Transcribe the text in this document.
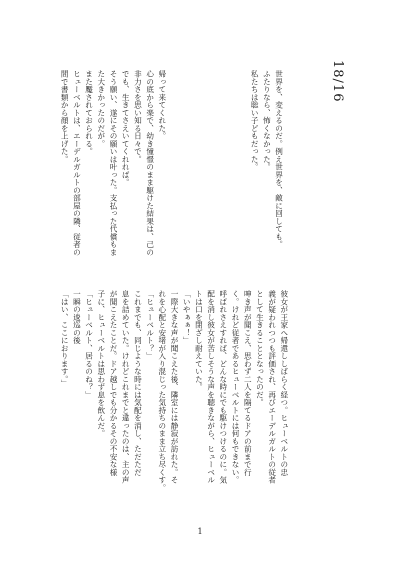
18/16
世界を、変えるのだ。例え世界を、敵に回しても。
ふたりなら、怖くなかった。
私たちは聡い子どもだった。
帰って来てくれた。
心の底から楽で、幼き憧憬のまま駆けた結果は、己の
非力さを思い知る日々で。
でも、生きてさえいてくれれば。
そう願い、遂にその願いは叶った。支払った代償もま
た大きかったのだが。
また魘されておられる。
ヒューベルトは、エーデルガルトの部屋の隣、従者の
間で書類から顔を上げた。
彼女が王家へ帰還ししばらく経つ。ヒューベルトの忠
義が疑われつつも評価され、再びエーデルガルトの従者
として生きることとなったのだ。
呻き声が聞こえ、思わず二人を隔てるドアの前まで行
く。けれど従者であるヒューベルトには何もできない。
呼ばれさえすれば、どんな時にでも駆けつけるのに。気
配を消し彼女が苦しそうな声を聴きながら、ヒューベル
トは口を閉ざし耐えていた。
「いやぁぁ！」
一際大きな声が聞こえた後、隣室には静寂が訪れた。そ
れを心配と安堵が入り混じった気持ちのまま立ち尽くす。
「ヒューベルト？」
これまでも、同じような時には気配を消し、ただただ
息を詰めていた。けれどこれまでと違ったのは、主の声
が聞こえたことだ。ドア越しでも分かるその不安な様
子に、ヒューベルトは思わず息を飲んだ。
「ヒューベルト、居るのね？」
一瞬の逡巡の後
「はい、ここにおります。」
1
